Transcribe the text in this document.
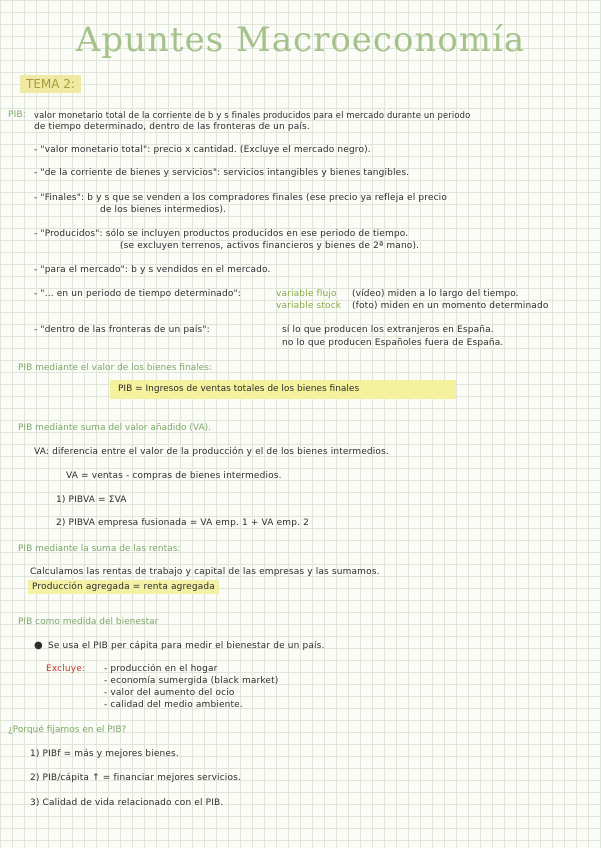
Apuntes Macroeconomía
TEMA 2:
PIB: valor monetario total de la corriente de b y s finales producidos para el mercado durante un periodo
de tiempo determinado, dentro de las fronteras de un país.
- "valor monetario total": precio x cantidad. (Excluye el mercado negro).
- "de la corriente de bienes y servicios": servicios intangibles y bienes tangibles.
- "Finales": b y s que se venden a los compradores finales (ese precio ya refleja el precio
de los bienes intermedios).
- "Producidos": sólo se incluyen productos producidos en ese periodo de tiempo.
(se excluyen terrenos, activos financieros y bienes de 2ª mano).
- "para el mercado": b y s vendidos en el mercado.
- "... en un periodo de tiempo determinado":	variable flujo (vídeo) miden a lo largo del tiempo.
variable stock (foto) miden en un momento determinado
- "dentro de las fronteras de un país":	sí lo que producen los extranjeros en España.
no lo que producen Españoles fuera de España.
PIB mediante el valor de los bienes finales:
PIB = Ingresos de ventas totales de los bienes finales
PIB mediante suma del valor añadido (VA).
VA: diferencia entre el valor de la producción y el de los bienes intermedios.
VA = ventas - compras de bienes intermedios.
1) PIBVA = ΣVA
2) PIBVA empresa fusionada = VA emp. 1 + VA emp. 2
PIB mediante la suma de las rentas:
Calculamos las rentas de trabajo y capital de las empresas y las sumamos.
Producción agregada = renta agregada
PIB como medida del bienestar
● Se usa el PIB per cápita para medir el bienestar de un país.
Excluye: - producción en el hogar
- economía sumergida (black market)
- valor del aumento del ocio
- calidad del medio ambiente.
¿Porqué fijamos en el PIB?
1) PIBf = más y mejores bienes.
2) PIB/cápita ↑ = financiar mejores servicios.
3) Calidad de vida relacionado con el PIB.
